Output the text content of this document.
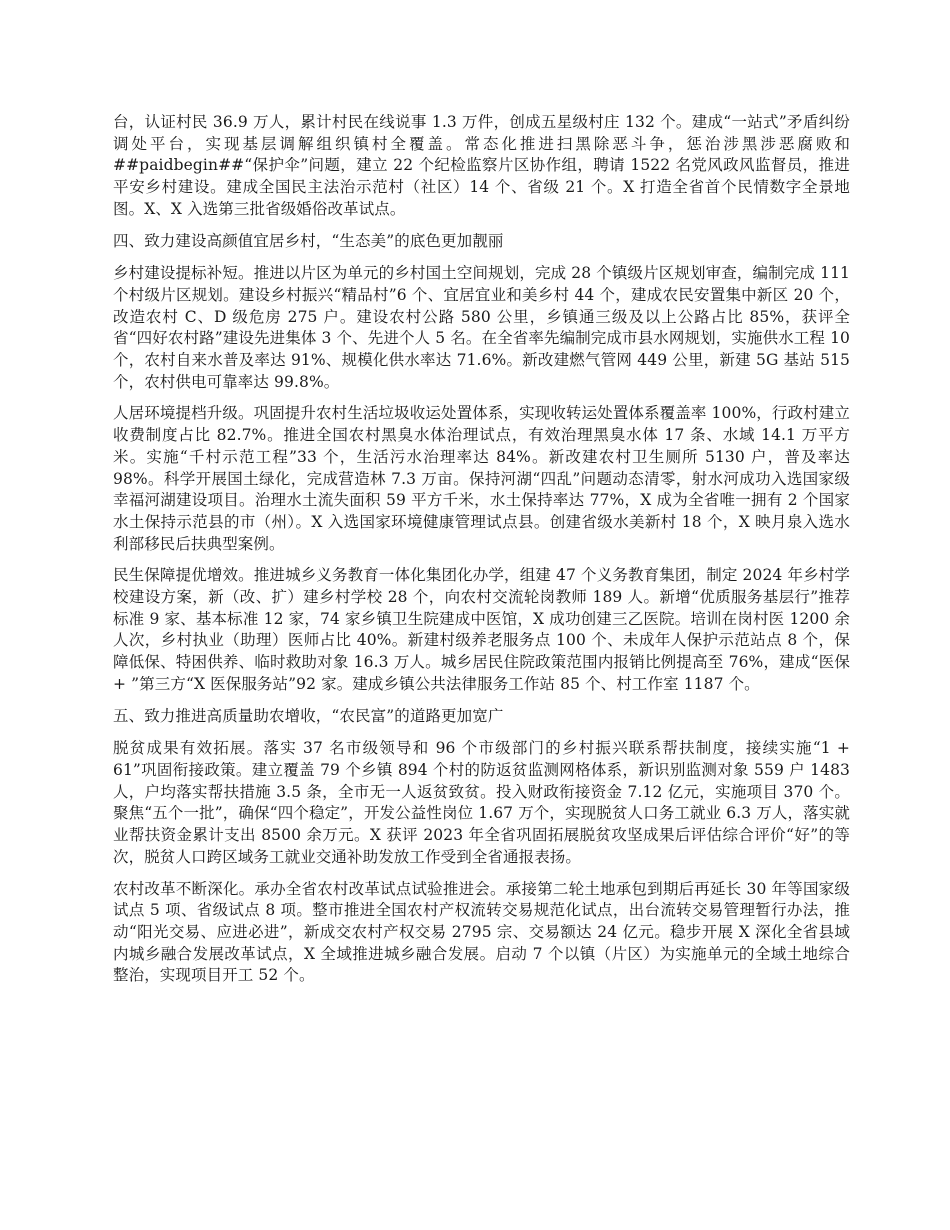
台，认证村民 36.9 万人，累计村民在线说事 1.3 万件，创成五星级村庄 132 个。建成“一站式”矛盾纠纷调处平台，实现基层调解组织镇村全覆盖。常态化推进扫黑除恶斗争，惩治涉黑涉恶腐败和##paidbegin##“保护伞”问题，建立 22 个纪检监察片区协作组，聘请 1522 名党风政风监督员，推进平安乡村建设。建成全国民主法治示范村（社区）14 个、省级 21 个。X 打造全省首个民情数字全景地图。X、X 入选第三批省级婚俗改革试点。

四、致力建设高颜值宜居乡村，“生态美”的底色更加靓丽

乡村建设提标补短。推进以片区为单元的乡村国土空间规划，完成 28 个镇级片区规划审查，编制完成 111 个村级片区规划。建设乡村振兴“精品村”6 个、宜居宜业和美乡村 44 个，建成农民安置集中新区 20 个，改造农村 C、D 级危房 275 户。建设农村公路 580 公里，乡镇通三级及以上公路占比 85%，获评全省“四好农村路”建设先进集体 3 个、先进个人 5 名。在全省率先编制完成市县水网规划，实施供水工程 10 个，农村自来水普及率达 91%、规模化供水率达 71.6%。新改建燃气管网 449 公里，新建 5G 基站 515 个，农村供电可靠率达 99.8%。

人居环境提档升级。巩固提升农村生活垃圾收运处置体系，实现收转运处置体系覆盖率 100%，行政村建立收费制度占比 82.7%。推进全国农村黑臭水体治理试点，有效治理黑臭水体 17 条、水域 14.1 万平方米。实施“千村示范工程”33 个，生活污水治理率达 84%。新改建农村卫生厕所 5130 户，普及率达 98%。科学开展国土绿化，完成营造林 7.3 万亩。保持河湖“四乱”问题动态清零，射水河成功入选国家级幸福河湖建设项目。治理水土流失面积 59 平方千米，水土保持率达 77%，X 成为全省唯一拥有 2 个国家水土保持示范县的市（州）。X 入选国家环境健康管理试点县。创建省级水美新村 18 个，X 映月泉入选水利部移民后扶典型案例。

民生保障提优增效。推进城乡义务教育一体化集团化办学，组建 47 个义务教育集团，制定 2024 年乡村学校建设方案，新（改、扩）建乡村学校 28 个，向农村交流轮岗教师 189 人。新增“优质服务基层行”推荐标准 9 家、基本标准 12 家，74 家乡镇卫生院建成中医馆，X 成功创建三乙医院。培训在岗村医 1200 余人次，乡村执业（助理）医师占比 40%。新建村级养老服务点 100 个、未成年人保护示范站点 8 个，保障低保、特困供养、临时救助对象 16.3 万人。城乡居民住院政策范围内报销比例提高至 76%，建成“医保 + ”第三方“X 医保服务站”92 家。建成乡镇公共法律服务工作站 85 个、村工作室 1187 个。

五、致力推进高质量助农增收，“农民富”的道路更加宽广

脱贫成果有效拓展。落实 37 名市级领导和 96 个市级部门的乡村振兴联系帮扶制度，接续实施“1 + 61”巩固衔接政策。建立覆盖 79 个乡镇 894 个村的防返贫监测网格体系，新识别监测对象 559 户 1483 人，户均落实帮扶措施 3.5 条，全市无一人返贫致贫。投入财政衔接资金 7.12 亿元，实施项目 370 个。聚焦“五个一批”，确保“四个稳定”，开发公益性岗位 1.67 万个，实现脱贫人口务工就业 6.3 万人，落实就业帮扶资金累计支出 8500 余万元。X 获评 2023 年全省巩固拓展脱贫攻坚成果后评估综合评价“好”的等次，脱贫人口跨区域务工就业交通补助发放工作受到全省通报表扬。

农村改革不断深化。承办全省农村改革试点试验推进会。承接第二轮土地承包到期后再延长 30 年等国家级试点 5 项、省级试点 8 项。整市推进全国农村产权流转交易规范化试点，出台流转交易管理暂行办法，推动“阳光交易、应进必进”，新成交农村产权交易 2795 宗、交易额达 24 亿元。稳步开展 X 深化全省县域内城乡融合发展改革试点，X 全域推进城乡融合发展。启动 7 个以镇（片区）为实施单元的全域土地综合整治，实现项目开工 52 个。
